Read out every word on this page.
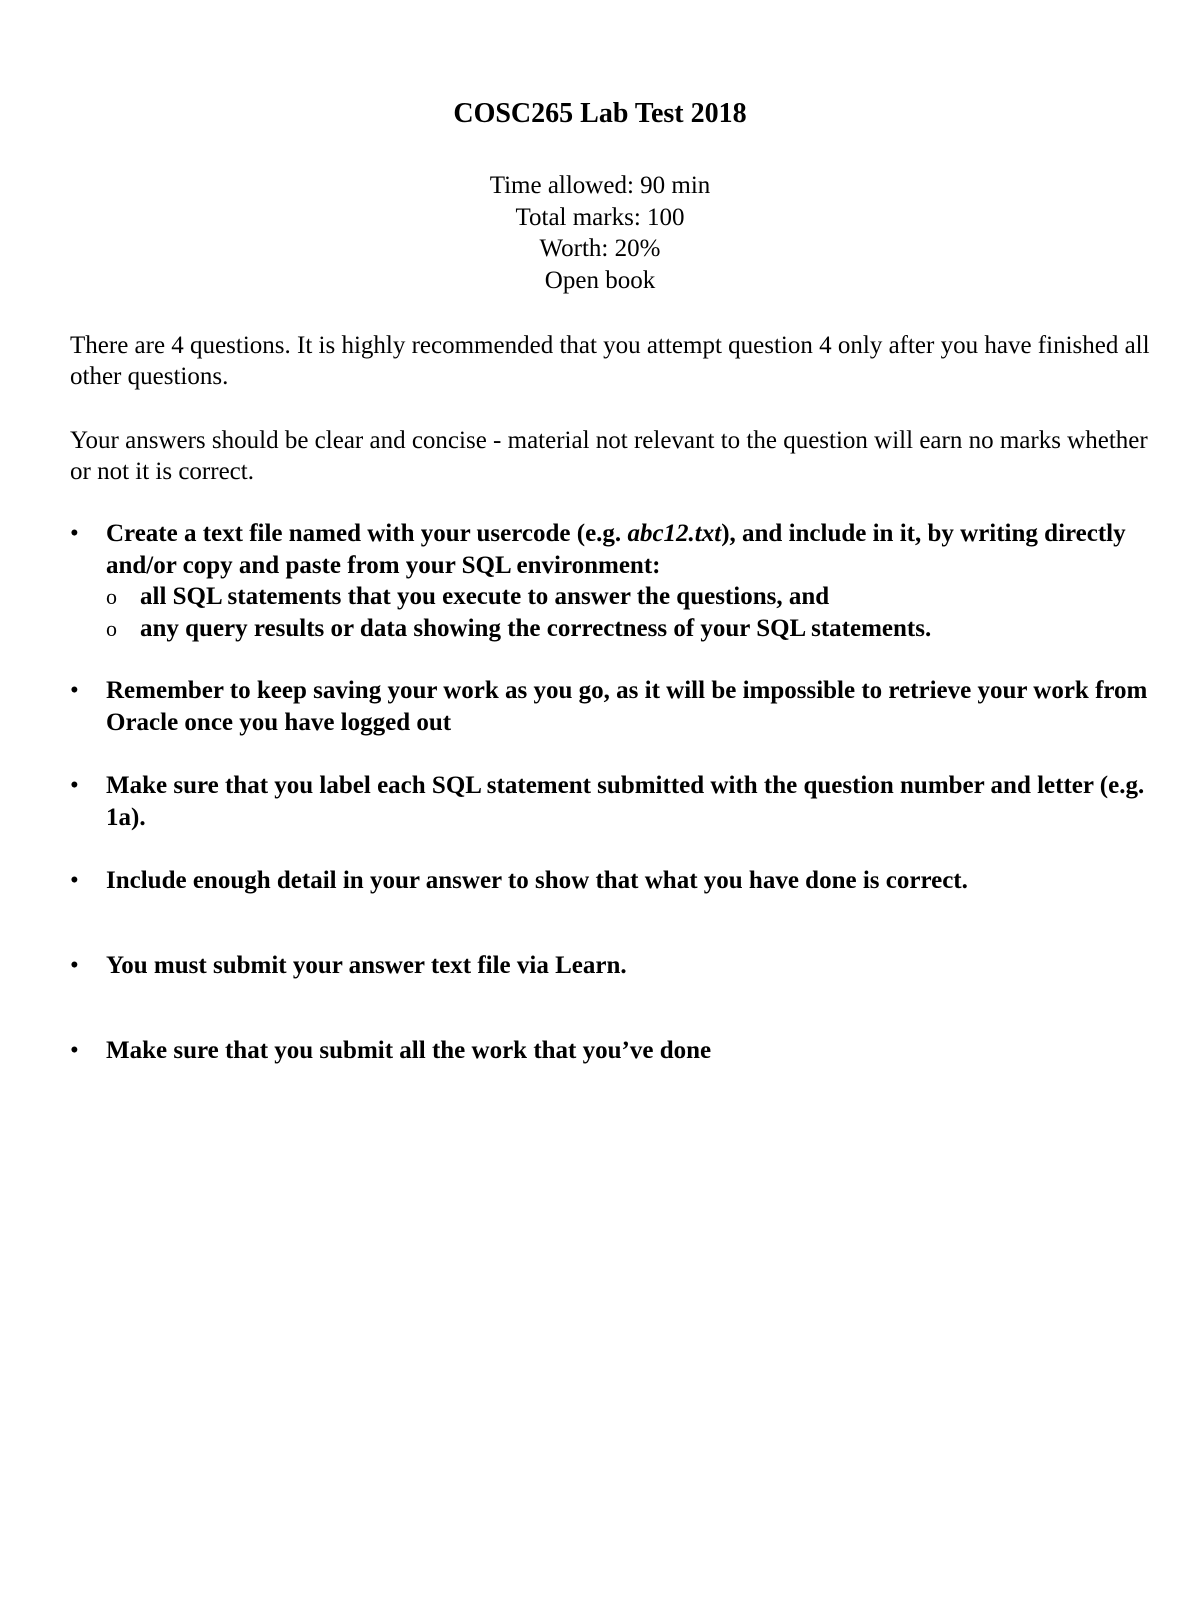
COSC265 Lab Test 2018
Time allowed: 90 min
Total marks: 100
Worth: 20%
Open book
There are 4 questions. It is highly recommended that you attempt question 4 only after you have finished all other questions.
Your answers should be clear and concise - material not relevant to the question will earn no marks whether or not it is correct.
•	Create a text file named with your usercode (e.g. abc12.txt), and include in it, by writing directly and/or copy and paste from your SQL environment:
o all SQL statements that you execute to answer the questions, and
o any query results or data showing the correctness of your SQL statements.
•	Remember to keep saving your work as you go, as it will be impossible to retrieve your work from Oracle once you have logged out
•	Make sure that you label each SQL statement submitted with the question number and letter (e.g. 1a).
•	Include enough detail in your answer to show that what you have done is correct.
•	You must submit your answer text file via Learn.
•	Make sure that you submit all the work that you’ve done
